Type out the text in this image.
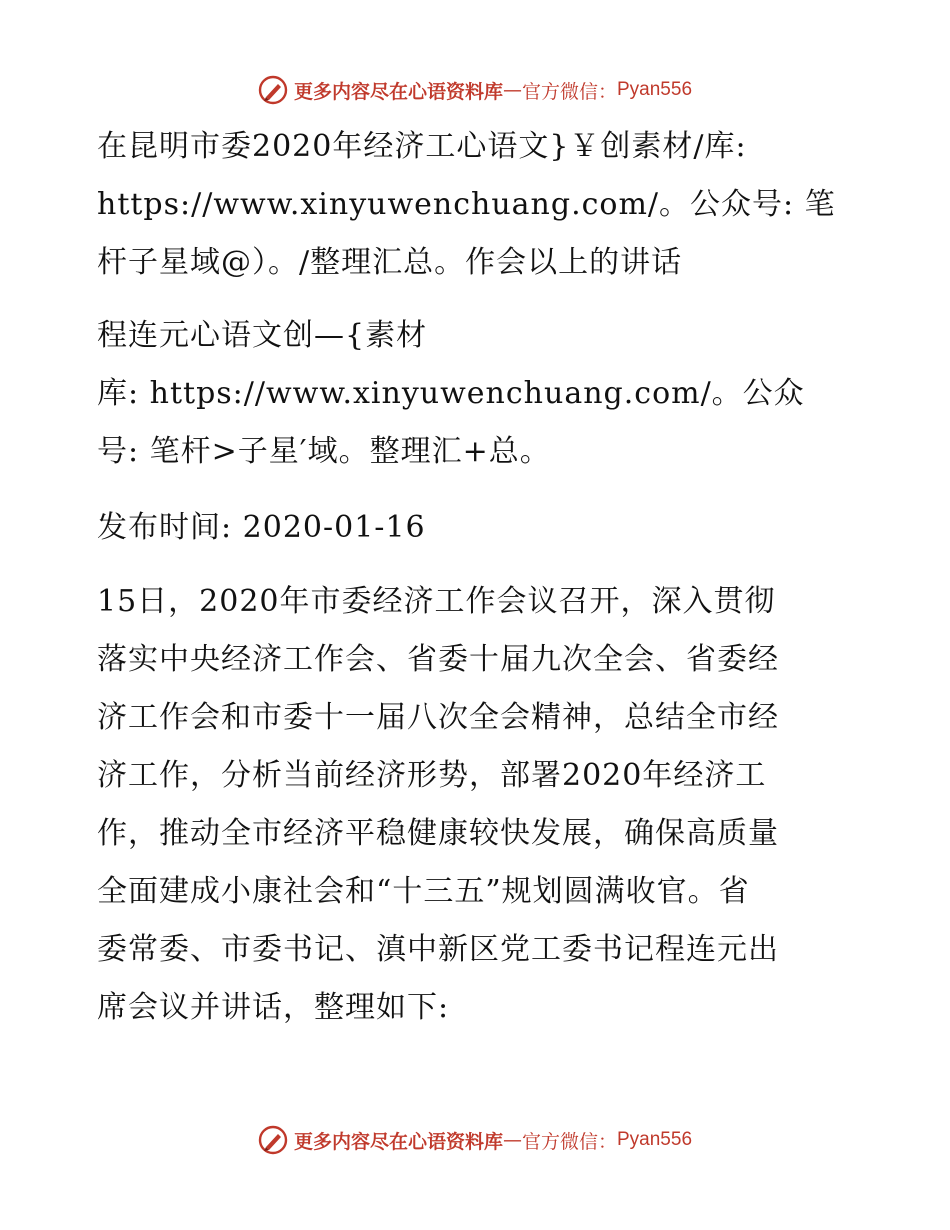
更多内容尽在心语资料库 — 官方微信： Pyan556

在昆明市委2020年经济工心语文}￥创素材/库:
https://www.xinyuwenchuang.com/。公众号: 笔
杆子星域@）。/整理汇总。作会以上的讲话

程连元心语文创—{素材
库: https://www.xinyuwenchuang.com/。公众
号: 笔杆>子星′域。整理汇+总。

发布时间: 2020-01-16

15日，2020年市委经济工作会议召开，深入贯彻
落实中央经济工作会、省委十届九次全会、省委经
济工作会和市委十一届八次全会精神，总结全市经
济工作，分析当前经济形势，部署2020年经济工
作，推动全市经济平稳健康较快发展，确保高质量
全面建成小康社会和“十三五”规划圆满收官。省
委常委、市委书记、滇中新区党工委书记程连元出
席会议并讲话，整理如下:

更多内容尽在心语资料库 — 官方微信： Pyan556
